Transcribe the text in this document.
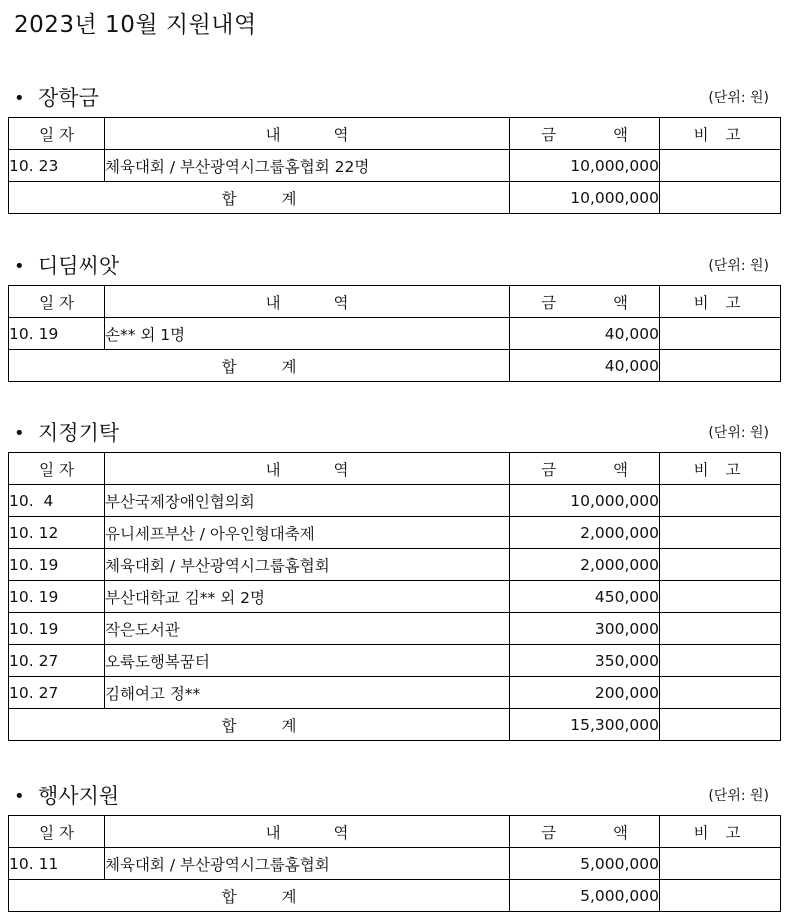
2023년 10월 지원내역
• 장학금	(단위: 원)
일 자	내 역	금 액	비 고
10. 23	체육대회 / 부산광역시그룹홈협회 22명	10,000,000	
합 계		10,000,000	
• 디딤씨앗	(단위: 원)
일 자	내 역	금 액	비 고
10. 19	손** 외 1명	40,000	
합 계		40,000	
• 지정기탁	(단위: 원)
일 자	내 역	금 액	비 고
10.  4	부산국제장애인협의회	10,000,000	
10. 12	유니세프부산 / 아우인형대축제	2,000,000	
10. 19	체육대회 / 부산광역시그룹홈협회	2,000,000	
10. 19	부산대학교 김** 외 2명	450,000	
10. 19	작은도서관	300,000	
10. 27	오륙도행복꿈터	350,000	
10. 27	김해여고 정**	200,000	
합 계		15,300,000	
• 행사지원	(단위: 원)
일 자	내 역	금 액	비 고
10. 11	체육대회 / 부산광역시그룹홈협회	5,000,000	
합 계		5,000,000	
